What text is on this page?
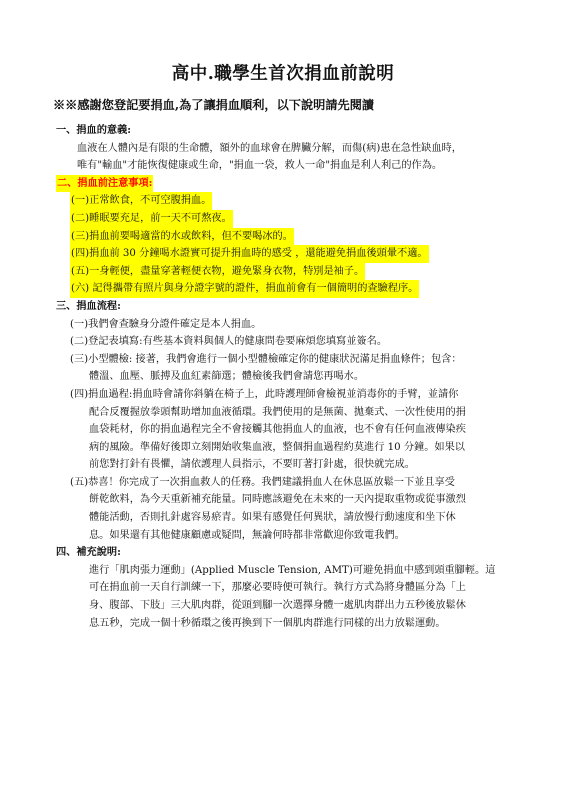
高中.職學生首次捐血前說明
※※感謝您登記要捐血,為了讓捐血順利，以下說明請先閱讀
一、捐血的意義:
血液在人體內是有限的生命體，額外的血球會在脾臟分解，而傷(病)患在急性缺血時，
唯有"輸血"才能恢復健康或生命，"捐血一袋，救人一命"捐血是利人利己的作為。
二、捐血前注意事項:
(一)正常飲食，不可空腹捐血。
(二)睡眠要充足，前一天不可熬夜。
(三)捐血前要喝適當的水或飲料，但不要喝冰的。
(四)捐血前 30 分鐘喝水證實可提升捐血時的感受 ，還能避免捐血後頭暈不適。
(五)一身輕便，盡量穿著輕便衣物，避免緊身衣物，特別是袖子。
(六) 記得攜帶有照片與身分證字號的證件，捐血前會有一個簡明的查驗程序。
三、捐血流程:
(一)我們會查驗身分證件確定是本人捐血。
(二)登記表填寫:有些基本資料與個人的健康問卷要麻煩您填寫並簽名。
(三)小型體檢: 接著，我們會進行一個小型體檢確定你的健康狀況滿足捐血條件；包含：
體溫、血壓、脈搏及血紅素篩選；體檢後我們會請您再喝水。
(四)捐血過程:捐血時會請你斜躺在椅子上，此時護理師會檢視並消毒你的手臂，並請你
配合反覆握放拳頭幫助增加血液循環。我們使用的是無菌、拋棄式、一次性使用的捐
血袋耗材，你的捐血過程完全不會接觸其他捐血人的血液，也不會有任何血液傳染疾
病的風險。準備好後即立刻開始收集血液，整個捐血過程約莫進行 10 分鐘。如果以
前您對打針有畏懼，請依護理人員指示，不要盯著打針處，很快就完成。
(五)恭喜！你完成了一次捐血救人的任務。我們建議捐血人在休息區放鬆一下並且享受
餅乾飲料，為今天重新補充能量。同時應該避免在未來的一天內提取重物或從事激烈
體能活動，否則扎針處容易瘀青。如果有感覺任何異狀，請放慢行動速度和坐下休
息。如果還有其他健康顧慮或疑問，無論何時都非常歡迎你致電我們。
四、補充說明:
進行「肌肉張力運動」(Applied Muscle Tension, AMT)可避免捐血中感到頭重腳輕。這
可在捐血前一天自行訓練一下，那麼必要時便可執行。執行方式為將身體區分為「上
身、腹部、下肢」三大肌肉群，從頭到腳一次選擇身體一處肌肉群出力五秒後放鬆休
息五秒，完成一個十秒循環之後再換到下一個肌肉群進行同樣的出力放鬆運動。
